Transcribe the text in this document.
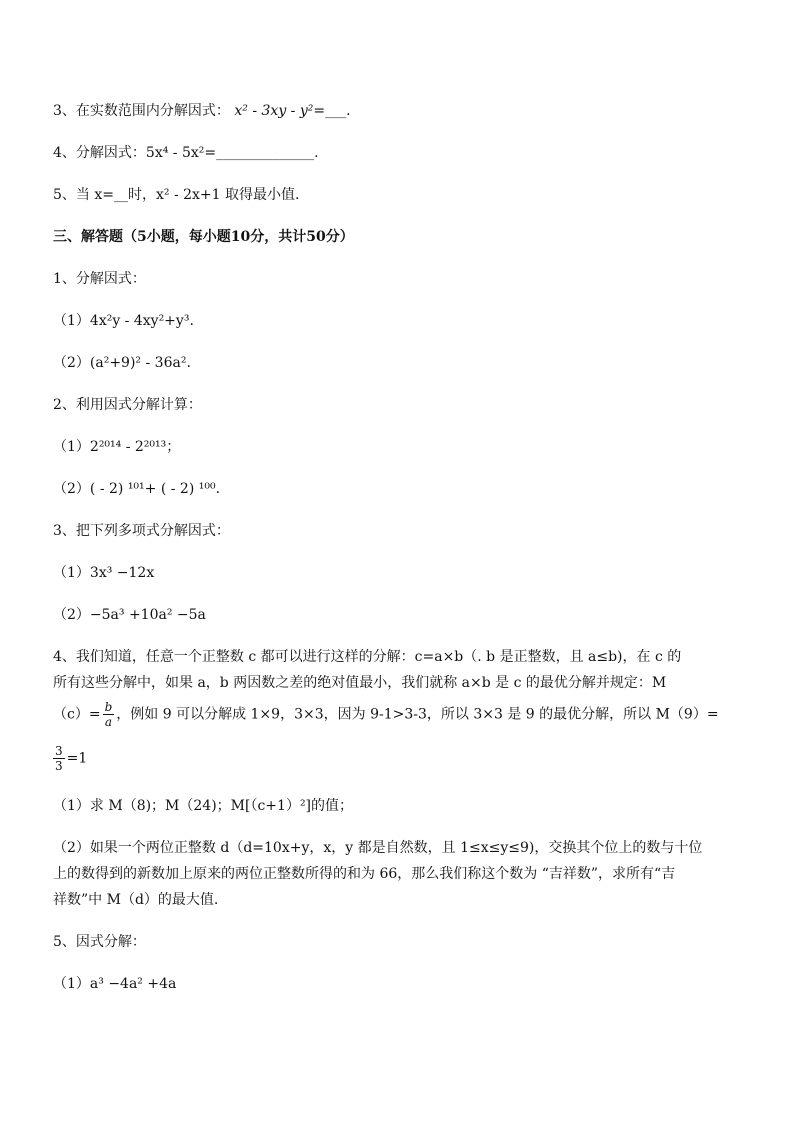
3、在实数范围内分解因式： x² - 3xy - y²=___.
4、分解因式：5x⁴ - 5x²=______________.
5、当 x=__时，x² - 2x+1 取得最小值.
三、解答题（5小题，每小题10分，共计50分）
1、分解因式：
（1）4x²y - 4xy²+y³.
（2）(a²+9)² - 36a².
2、利用因式分解计算：
（1）2²⁰¹⁴ - 2²⁰¹³；
（2）( - 2) ¹⁰¹+ ( - 2) ¹⁰⁰.
3、把下列多项式分解因式：
（1）3x³ −12x
（2）−5a³ +10a² −5a
4、我们知道，任意一个正整数 c 都可以进行这样的分解：c=a×b（. b 是正整数，且 a≤b)，在 c 的
所有这些分解中，如果 a，b 两因数之差的绝对值最小，我们就称 a×b 是 c 的最优分解并规定：M
$(c)= \frac{b}{a}$ ，例如 9 可以分解成 1×9，3×3，因为 9-1>3-3，所以 3×3 是 9 的最优分解，所以 M（9）=
$\frac{3}{3} =1$
（1）求 M（8)；M（24)；M[（c+1）²]的值；
（2）如果一个两位正整数 d（d=10x+y，x，y 都是自然数，且 1≤x≤y≤9)，交换其个位上的数与十位
上的数得到的新数加上原来的两位正整数所得的和为 66，那么我们称这个数为 “吉祥数”，求所有“吉
祥数”中 M（d）的最大值.
5、因式分解：
（1）a³ −4a² +4a
